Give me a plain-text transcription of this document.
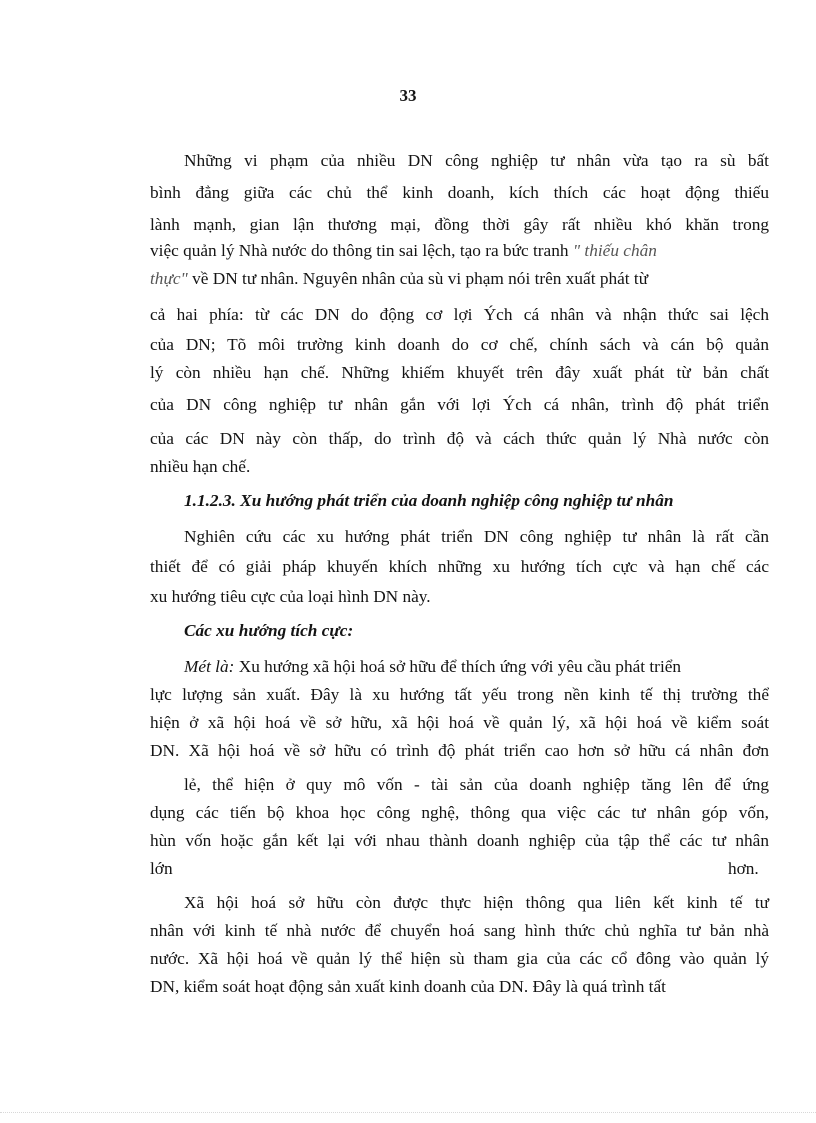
33
Những vi phạm của nhiều DN công nghiệp tư nhân vừa tạo ra sù bất
bình đẳng giữa các chủ thể kinh doanh, kích thích các hoạt động thiếu
lành mạnh, gian lận thương mại, đồng thời gây rất nhiều khó khăn trong
việc quản lý Nhà nước do thông tin sai lệch, tạo ra bức tranh " thiếu chân
thực" về DN tư nhân. Nguyên nhân của sù vi phạm nói trên xuất phát từ
cả hai phía: từ các DN do động cơ lợi Ých cá nhân và nhận thức sai lệch
của DN; Tõ môi trường kinh doanh do cơ chế, chính sách và cán bộ quản
lý còn nhiều hạn chế. Những khiếm khuyết trên đây xuất phát từ bản chất
của DN công nghiệp tư nhân gắn với lợi Ých cá nhân, trình độ phát triển
của các DN này còn thấp, do trình độ và cách thức quản lý Nhà nước còn
nhiều hạn chế.
1.1.2.3. Xu hướng phát triển của doanh nghiệp công nghiệp tư nhân
Nghiên cứu các xu hướng phát triển DN công nghiệp tư nhân là rất cần
thiết để có giải pháp khuyến khích những xu hướng tích cực và hạn chế các
xu hướng tiêu cực của loại hình DN này.
Các xu hướng tích cực:
Mét là: Xu hướng xã hội hoá sở hữu để thích ứng với yêu cầu phát triển
lực lượng sản xuất. Đây là xu hướng tất yếu trong nền kinh tế thị trường thể
hiện ở xã hội hoá về sở hữu, xã hội hoá về quản lý, xã hội hoá về kiểm soát
DN. Xã hội hoá về sở hữu có trình độ phát triển cao hơn sở hữu cá nhân đơn
lẻ, thể hiện ở quy mô vốn - tài sản của doanh nghiệp tăng lên để ứng
dụng các tiến bộ khoa học công nghệ, thông qua việc các tư nhân góp vốn,
hùn vốn hoặc gắn kết lại với nhau thành doanh nghiệp của tập thể các tư nhân
lớn	hơn.
Xã hội hoá sở hữu còn được thực hiện thông qua liên kết kinh tế tư
nhân với kinh tế nhà nước để chuyển hoá sang hình thức chủ nghĩa tư bản nhà
nước. Xã hội hoá về quản lý thể hiện sù tham gia của các cổ đông vào quản lý
DN, kiểm soát hoạt động sản xuất kinh doanh của DN. Đây là quá trình tất
